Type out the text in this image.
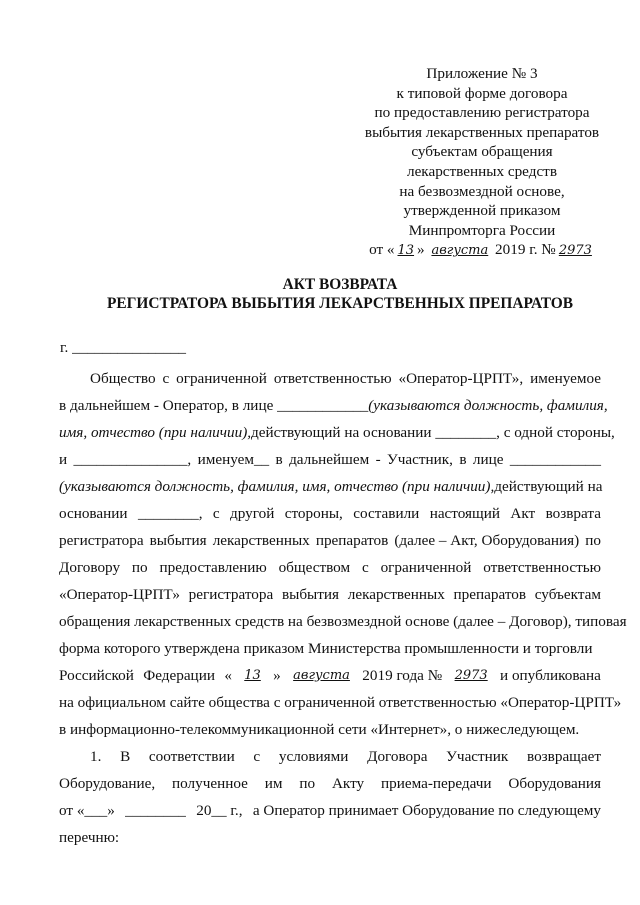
Приложение № 3
к типовой форме договора
по предоставлению регистратора
выбытия лекарственных препаратов
субъектам обращения
лекарственных средств
на безвозмездной основе,
утвержденной приказом
Минпромторга России
от « 13 » августа 2019 г. № 2973
АКТ ВОЗВРАТА
РЕГИСТРАТОРА ВЫБЫТИЯ ЛЕКАРСТВЕННЫХ ПРЕПАРАТОВ
г. _______________
Общество с ограниченной ответственностью «Оператор-ЦРПТ», именуемое
в дальнейшем - Оператор, в лице ____________ (указываются должность, фамилия,
имя, отчество (при наличии), действующий на основании ________, с одной стороны,
и _______________, именуем__ в дальнейшем - Участник, в лице ____________
(указываются должность, фамилия, имя, отчество (при наличии), действующий на
основании ________, с другой стороны, составили настоящий Акт возврата
регистратора выбытия лекарственных препаратов (далее – Акт, Оборудования) по
Договору по предоставлению обществом с ограниченной ответственностью
«Оператор-ЦРПТ» регистратора выбытия лекарственных препаратов субъектам
обращения лекарственных средств на безвозмездной основе (далее – Договор), типовая
форма которого утверждена приказом Министерства промышленности и торговли
Российской Федерации « 13 » августа 2019 года № 2973 и опубликована
на официальном сайте общества с ограниченной ответственностью «Оператор-ЦРПТ»
в информационно-телекоммуникационной сети «Интернет», о нижеследующем.
1. В соответствии с условиями Договора Участник возвращает
Оборудование, полученное им по Акту приема-передачи Оборудования
от «___» ________ 20__ г., а Оператор принимает Оборудование по следующему
перечню:
